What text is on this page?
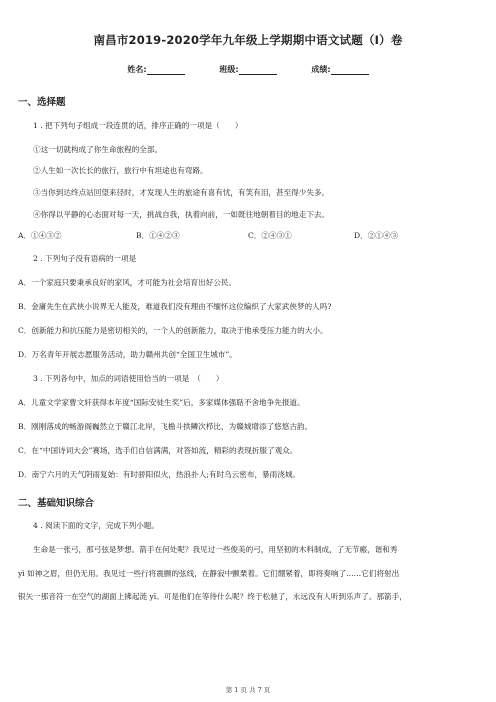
南昌市2019-2020学年九年级上学期期中语文试题（I）卷
姓名:	班级:	成绩:
一、选择题
1 . 把下列句子组成一段连贯的话，排序正确的一项是（　　）
①这一切就构成了你生命旅程的全部。
②人生如一次长长的旅行，旅行中有坦途也有弯路。
③当你到达终点站回望来径时，才发现人生的旅途有喜有忧，有笑有泪，甚至得少失多。
④你得以平静的心态面对每一天，挑战自我，执着向前，一如既往地朝着目的地走下去。
A．①④③②	B．①④②③	C．②④③①	D．②①④③
2 . 下列句子没有语病的一项是
A．一个家庭只要秉承良好的家风，才可能为社会培育出好公民。
B．金庸先生在武侠小说界无人能及，难道我们没有理由不缅怀这位编织了大家武侠梦的人吗?
C．创新能力和抗压能力是密切相关的，一个人的创新能力，取决于他承受压力能力的大小。
D．万名青年开展志愿服务活动，助力赣州共创“全国卫生城市”。
3 . 下列各句中，加点的词语使用恰当的一项是　（　　）
A．儿童文学家曹文轩获得本年度“国际安徒生奖”后，多家媒体强聒不舍地争先报道。
B．刚刚落成的畅游阁巍然立于赣江北岸，飞檐斗拱鳞次栉比，为赣城增添了悠悠古韵。
C．在“中国诗词大会”赛场，选手们自信满满，对答如流，精彩的表现折服了观众。
D．南宁六月的天气阴雨复始：有时骄阳似火，热浪扑人;有时乌云密布，暴雨浇城。
二、基础知识综合
4 . 阅读下面的文字，完成下列小题。
生命是一张弓，那弓弦是梦想。箭手在何处呢？我见过一些俊美的弓，用坚韧的木料制成，了无节瘢，谐和秀
yì 如神之眉，但仍无用。我见过一些行将震颤的弦线，在静寂中颤栗着。它们绷紧着，即将奏响了……它们将射出
银矢一那音符一在空气的湖面上拂起涟 yī。可是他们在等待什么呢？终于松驰了，永远没有人听到乐声了。那箭手，
第 1 页 共 7 页
